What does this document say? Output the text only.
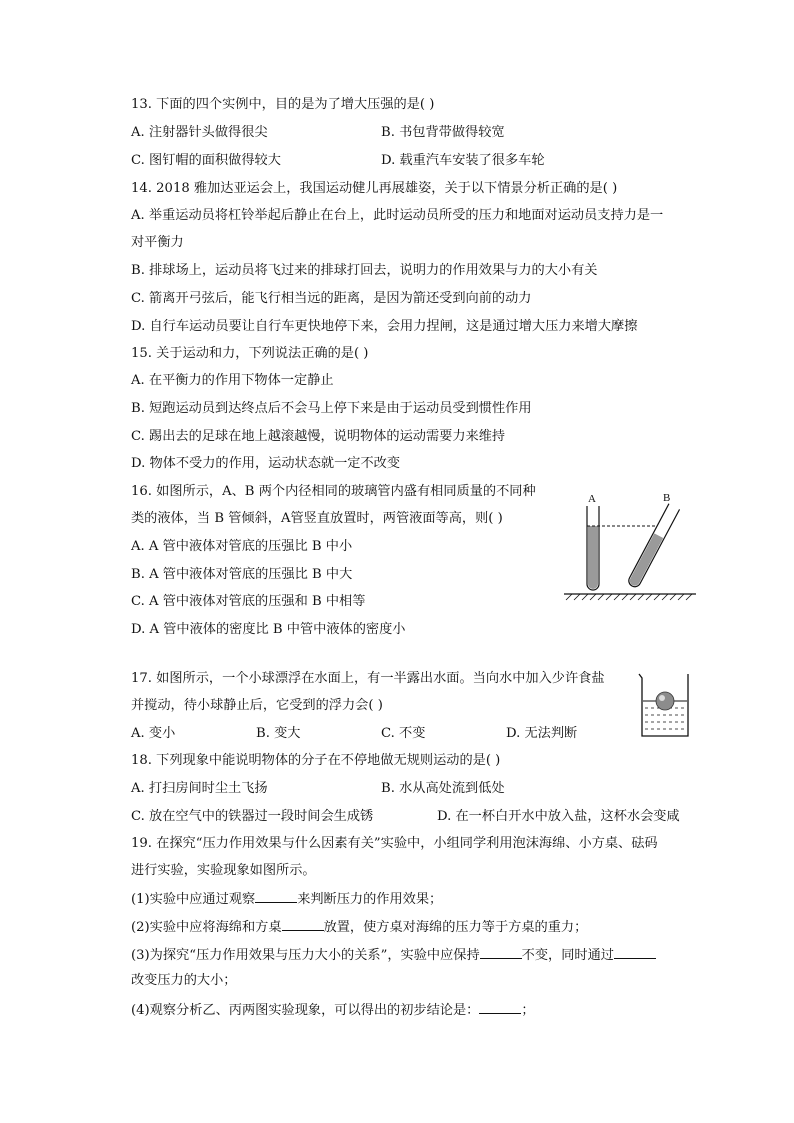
13. 下面的四个实例中，目的是为了增大压强的是( )
A. 注射器针头做得很尖	B. 书包背带做得较宽
C. 图钉帽的面积做得较大	D. 载重汽车安装了很多车轮
14. 2018 雅加达亚运会上，我国运动健儿再展雄姿，关于以下情景分析正确的是( )
A. 举重运动员将杠铃举起后静止在台上，此时运动员所受的压力和地面对运动员支持力是一
对平衡力
B. 排球场上，运动员将飞过来的排球打回去，说明力的作用效果与力的大小有关
C. 箭离开弓弦后，能飞行相当远的距离，是因为箭还受到向前的动力
D. 自行车运动员要让自行车更快地停下来，会用力捏闸，这是通过增大压力来增大摩擦
15. 关于运动和力，下列说法正确的是( )
A. 在平衡力的作用下物体一定静止
B. 短跑运动员到达终点后不会马上停下来是由于运动员受到惯性作用
C. 踢出去的足球在地上越滚越慢，说明物体的运动需要力来维持
D. 物体不受力的作用，运动状态就一定不改变
16. 如图所示，A、B 两个内径相同的玻璃管内盛有相同质量的不同种
类的液体，当 B 管倾斜，A管竖直放置时，两管液面等高，则( )
A. A 管中液体对管底的压强比 B 中小
B. A 管中液体对管底的压强比 B 中大
C. A 管中液体对管底的压强和 B 中相等
D. A 管中液体的密度比 B 中管中液体的密度小
A	B
17. 如图所示，一个小球漂浮在水面上，有一半露出水面。当向水中加入少许食盐
并搅动，待小球静止后，它受到的浮力会( )
A. 变小	B. 变大	C. 不变	D. 无法判断
18. 下列现象中能说明物体的分子在不停地做无规则运动的是( )
A. 打扫房间时尘土飞扬	B. 水从高处流到低处
C. 放在空气中的铁器过一段时间会生成锈	D. 在一杯白开水中放入盐，这杯水会变咸
19. 在探究“压力作用效果与什么因素有关”实验中，小组同学利用泡沫海绵、小方桌、砝码
进行实验，实验现象如图所示。
(1)实验中应通过观察	来判断压力的作用效果；
(2)实验中应将海绵和方桌	放置，使方桌对海绵的压力等于方桌的重力；
(3)为探究“压力作用效果与压力大小的关系”，实验中应保持	不变，同时通过
改变压力的大小；
(4)观察分析乙、丙两图实验现象，可以得出的初步结论是：	；
